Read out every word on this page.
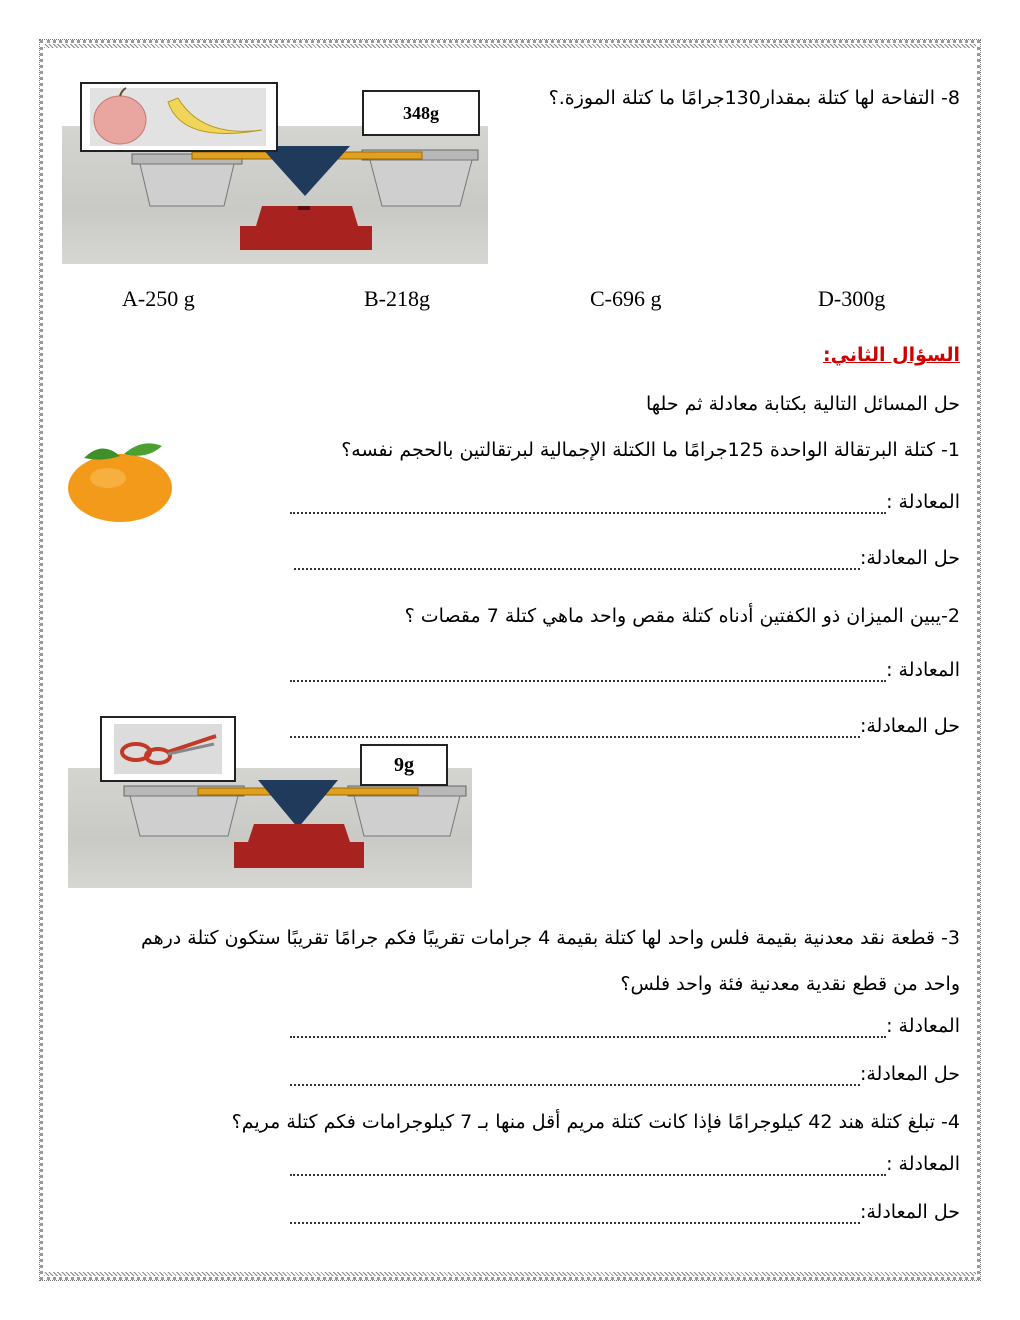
8- التفاحة لها كتلة بمقدار130جرامًا ما كتلة الموزة.؟
348g
A-250 g	B-218g	C-696 g	D-300g
السؤال الثاني:
حل المسائل التالية بكتابة معادلة ثم حلها
1- كتلة البرتقالة الواحدة 125جرامًا ما الكتلة الإجمالية لبرتقالتين بالحجم نفسه؟
المعادلة :
حل المعادلة:
2-يبين الميزان ذو الكفتين أدناه كتلة مقص واحد ماهي كتلة 7 مقصات ؟
المعادلة :
حل المعادلة:
9g
3- قطعة نقد معدنية بقيمة فلس واحد لها كتلة بقيمة 4 جرامات تقريبًا فكم جرامًا تقريبًا ستكون كتلة درهم
واحد من قطع نقدية معدنية فئة واحد فلس؟
المعادلة :
حل المعادلة:
4- تبلغ كتلة هند 42 كيلوجرامًا فإذا كانت كتلة مريم أقل منها بـ 7 كيلوجرامات فكم كتلة مريم؟
المعادلة :
حل المعادلة:
